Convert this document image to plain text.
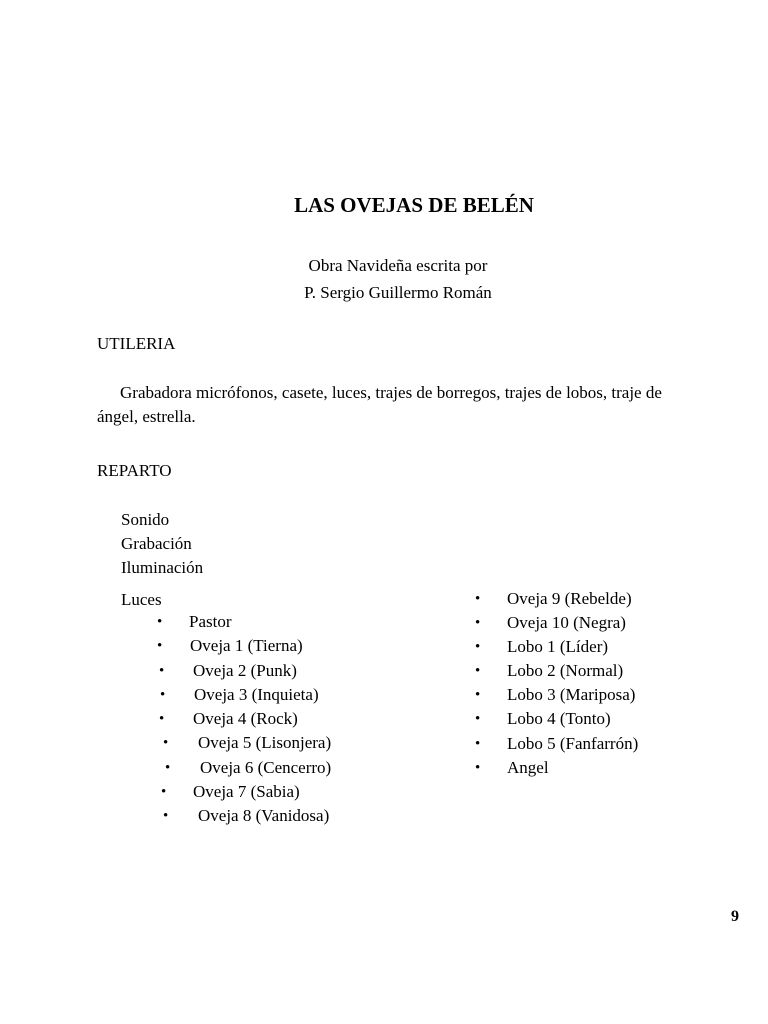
LAS OVEJAS DE BELÉN
Obra Navideña escrita por
P. Sergio Guillermo Román
UTILERIA
Grabadora micrófonos, casete, luces, trajes de borregos, trajes de lobos, traje de ángel, estrella.
REPARTO
Sonido
Grabación
Iluminación
Luces
• Pastor
• Oveja 1 (Tierna)
• Oveja 2 (Punk)
• Oveja 3 (Inquieta)
• Oveja 4 (Rock)
• Oveja 5 (Lisonjera)
• Oveja 6 (Cencerro)
• Oveja 7 (Sabia)
• Oveja 8 (Vanidosa)
• Oveja 9 (Rebelde)
• Oveja 10 (Negra)
• Lobo 1 (Líder)
• Lobo 2 (Normal)
• Lobo 3 (Mariposa)
• Lobo 4 (Tonto)
• Lobo 5 (Fanfarrón)
• Angel
9
